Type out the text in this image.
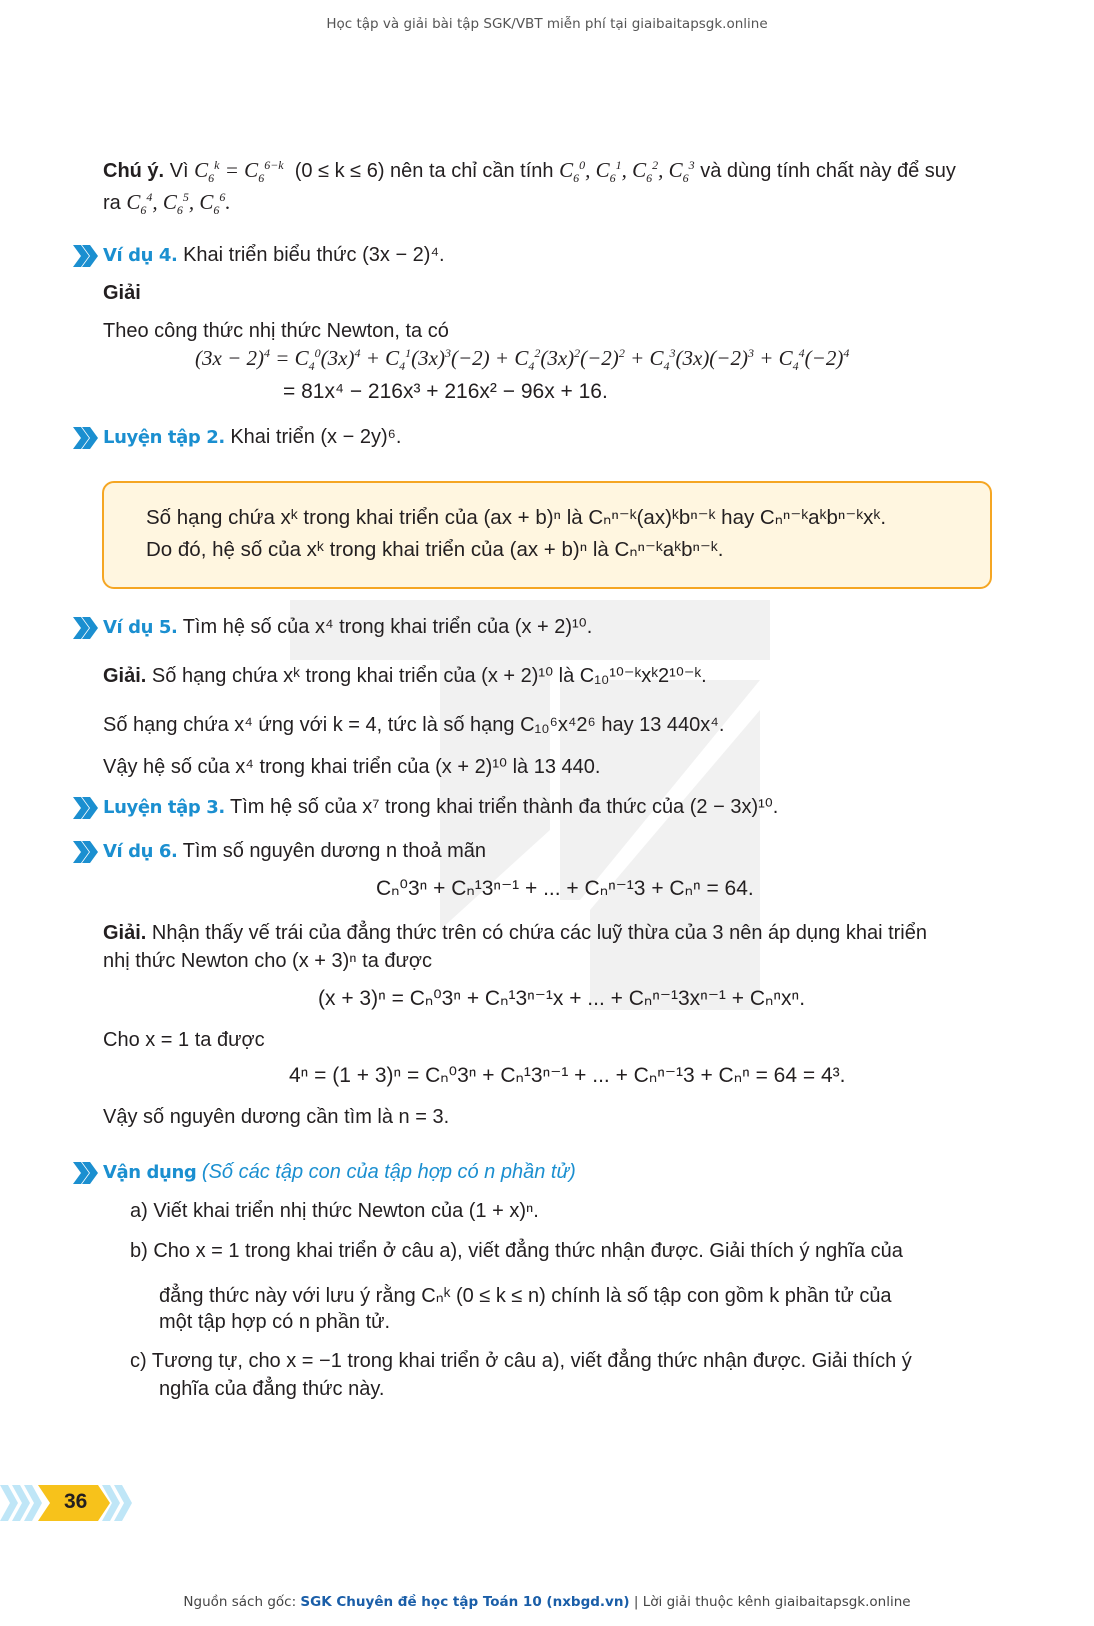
Học tập và giải bài tập SGK/VBT miễn phí tại giaibaitapsgk.online
Chú ý. Vì $C_6^k = C_6^{6-k}$ (0 ≤ k ≤ 6) nên ta chỉ cần tính $C_6^0$, $C_6^1$, $C_6^2$, $C_6^3$ và dùng tính chất này để suy
ra $C_6^4$, $C_6^5$, $C_6^6$.
Ví dụ 4. Khai triển biểu thức (3x − 2)⁴.
Giải
Theo công thức nhị thức Newton, ta có
$(3x - 2)^4 = C_4^0(3x)^4 + C_4^1(3x)^3(-2) + C_4^2(3x)^2(-2)^2 + C_4^3(3x)(-2)^3 + C_4^4(-2)^4$
= 81x⁴ − 216x³ + 216x² − 96x + 16.
Luyện tập 2. Khai triển (x − 2y)⁶.
Số hạng chứa xᵏ trong khai triển của (ax + b)ⁿ là Cₙⁿ⁻ᵏ(ax)ᵏbⁿ⁻ᵏ hay Cₙⁿ⁻ᵏaᵏbⁿ⁻ᵏxᵏ.
Do đó, hệ số của xᵏ trong khai triển của (ax + b)ⁿ là Cₙⁿ⁻ᵏaᵏbⁿ⁻ᵏ.
Ví dụ 5. Tìm hệ số của x⁴ trong khai triển của (x + 2)¹⁰.
Giải. Số hạng chứa xᵏ trong khai triển của (x + 2)¹⁰ là C₁₀¹⁰⁻ᵏxᵏ2¹⁰⁻ᵏ.
Số hạng chứa x⁴ ứng với k = 4, tức là số hạng C₁₀⁶x⁴2⁶ hay 13 440x⁴.
Vậy hệ số của x⁴ trong khai triển của (x + 2)¹⁰ là 13 440.
Luyện tập 3. Tìm hệ số của x⁷ trong khai triển thành đa thức của (2 − 3x)¹⁰.
Ví dụ 6. Tìm số nguyên dương n thoả mãn
Cₙ⁰3ⁿ + Cₙ¹3ⁿ⁻¹ + ... + Cₙⁿ⁻¹3 + Cₙⁿ = 64.
Giải. Nhận thấy vế trái của đẳng thức trên có chứa các luỹ thừa của 3 nên áp dụng khai triển
nhị thức Newton cho (x + 3)ⁿ ta được
(x + 3)ⁿ = Cₙ⁰3ⁿ + Cₙ¹3ⁿ⁻¹x + ... + Cₙⁿ⁻¹3xⁿ⁻¹ + Cₙⁿxⁿ.
Cho x = 1 ta được
4ⁿ = (1 + 3)ⁿ = Cₙ⁰3ⁿ + Cₙ¹3ⁿ⁻¹ + ... + Cₙⁿ⁻¹3 + Cₙⁿ = 64 = 4³.
Vậy số nguyên dương cần tìm là n = 3.
Vận dụng (Số các tập con của tập hợp có n phần tử)
a) Viết khai triển nhị thức Newton của (1 + x)ⁿ.
b) Cho x = 1 trong khai triển ở câu a), viết đẳng thức nhận được. Giải thích ý nghĩa của
đẳng thức này với lưu ý rằng Cₙᵏ (0 ≤ k ≤ n) chính là số tập con gồm k phần tử của
một tập hợp có n phần tử.
c) Tương tự, cho x = −1 trong khai triển ở câu a), viết đẳng thức nhận được. Giải thích ý
nghĩa của đẳng thức này.
36
Nguồn sách gốc: SGK Chuyên đề học tập Toán 10 (nxbgd.vn) | Lời giải thuộc kênh giaibaitapsgk.online
